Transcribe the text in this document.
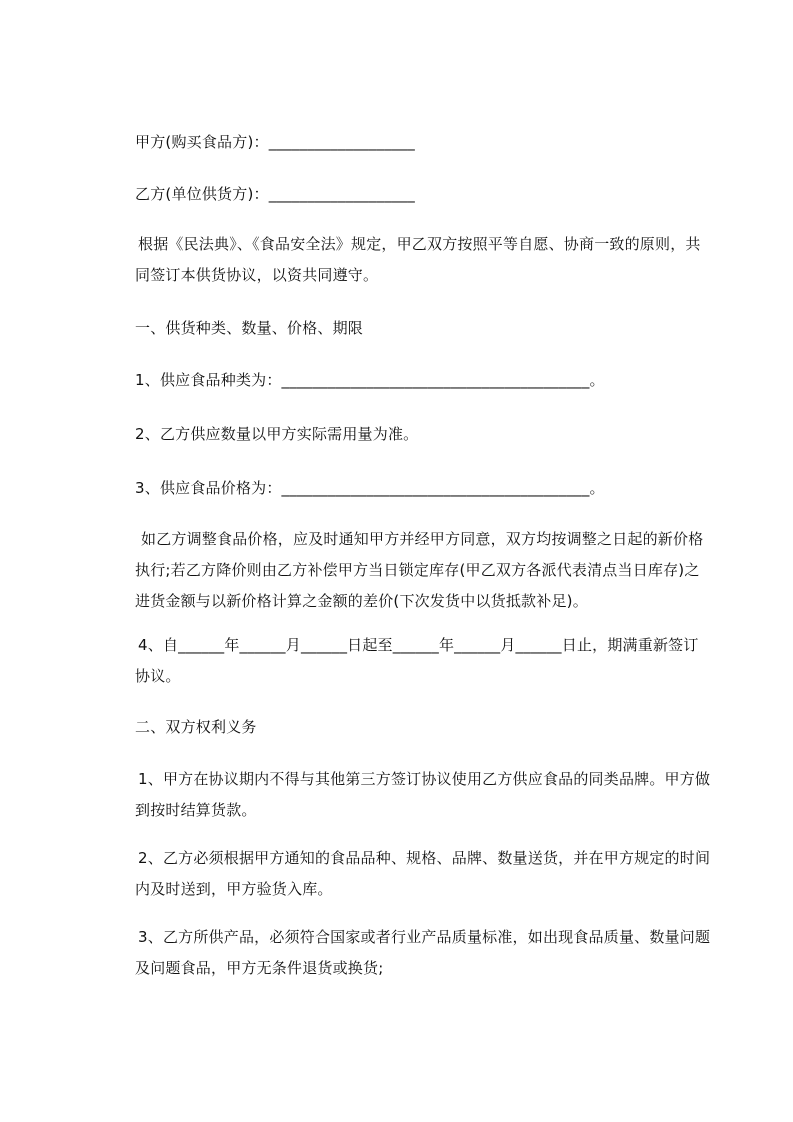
甲方(购买食品方)：___________________
乙方(单位供货方)：___________________
根据《民法典》、《食品安全法》规定，甲乙双方按照平等自愿、协商一致的原则，共同签订本供货协议，以资共同遵守。
一、供货种类、数量、价格、期限
1、供应食品种类为：________________________________________。
2、乙方供应数量以甲方实际需用量为准。
3、供应食品价格为：________________________________________。
如乙方调整食品价格，应及时通知甲方并经甲方同意，双方均按调整之日起的新价格执行;若乙方降价则由乙方补偿甲方当日锁定库存(甲乙双方各派代表清点当日库存)之进货金额与以新价格计算之金额的差价(下次发货中以货抵款补足)。
4、自______年______月______日起至______年______月______日止，期满重新签订协议。
二、双方权利义务
1、甲方在协议期内不得与其他第三方签订协议使用乙方供应食品的同类品牌。甲方做到按时结算货款。
2、乙方必须根据甲方通知的食品品种、规格、品牌、数量送货，并在甲方规定的时间内及时送到，甲方验货入库。
3、乙方所供产品，必须符合国家或者行业产品质量标准，如出现食品质量、数量问题及问题食品，甲方无条件退货或换货;
